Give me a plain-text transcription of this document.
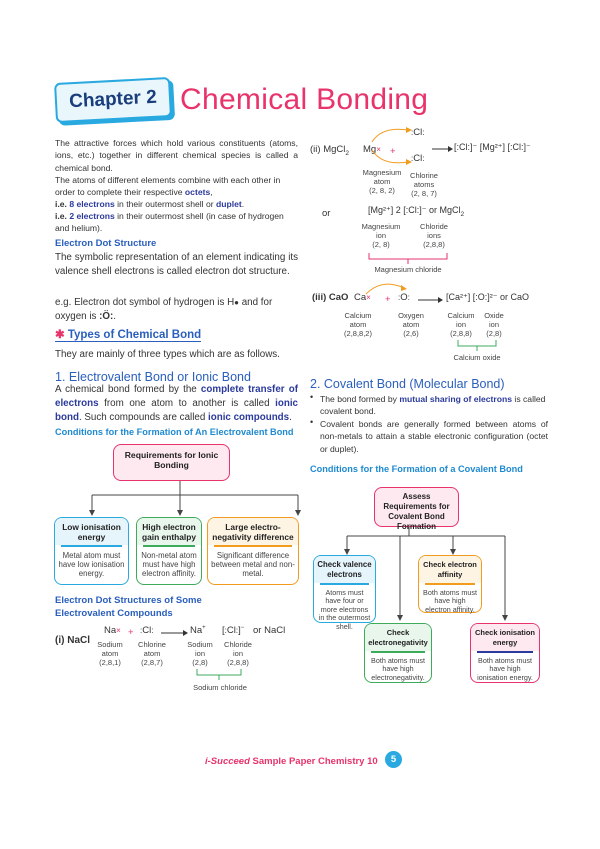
Chapter 2 Chemical Bonding
The attractive forces which hold various constituents (atoms, ions, etc.) together in different chemical species is called a chemical bond.
The atoms of different elements combine with each other in order to complete their respective octets,
i.e. 8 electrons in their outermost shell or duplet.
i.e. 2 electrons in their outermost shell (in case of hydrogen and helium).
Electron Dot Structure
The symbolic representation of an element indicating its valence shell electrons is called electron dot structure.
e.g. Electron dot symbol of hydrogen is H● and for oxygen is :Ö:.
✱ Types of Chemical Bond
They are mainly of three types which are as follows.
1. Electrovalent Bond or Ionic Bond
A chemical bond formed by the complete transfer of electrons from one atom to another is called ionic bond. Such compounds are called ionic compounds.
Conditions for the Formation of An Electrovalent Bond
Requirements for Ionic Bonding
Low ionisation energy
Metal atom must have low ionisation energy.
High electron gain enthalpy
Non-metal atom must have high electron affinity.
Large electro-negativity difference
Significant difference between metal and non-metal.
Electron Dot Structures of Some Electrovalent Compounds
(i) NaCl
Na× + :Cl:	Na+ [:Cl:]− or NaCl
Sodium
atom
(2,8,1)
Chlorine
atom
(2,8,7)
Sodium
ion
(2,8)
Chloride
ion
(2,8,8)
Sodium chloride
(ii) MgCl$_2$ Mg× +
:Cl:
:Cl:
[:Cl:]⁻ [Mg²⁺] [:Cl:]⁻
Magnesium
atom
(2, 8, 2)
Chlorine
atoms
(2, 8, 7)
or	[Mg²⁺] 2 [:Cl:]⁻ or MgCl$_2$
Magnesium
ion
(2, 8)
Chloride
ions
(2,8,8)
Magnesium chloride
(iii) CaO Ca× + :O:	[Ca²⁺] [:O:]²⁻ or CaO
Calcium
atom
(2,8,8,2)
Oxygen
atom
(2,6)
Calcium
ion
(2,8,8)
Oxide
ion
(2,8)
Calcium oxide
2. Covalent Bond (Molecular Bond)
• The bond formed by mutual sharing of electrons is called covalent bond.
• Covalent bonds are generally formed between atoms of non-metals to attain a stable electronic configuration (octet or duplet).
Conditions for the Formation of a Covalent Bond
Assess Requirements for Covalent Bond Formation
Check valence electrons
Atoms must have four or more electrons in the outermost shell.
Check electron affinity
Both atoms must have high electron affinity.
Check electronegativity
Both atoms must have high electronegativity.
Check ionisation energy
Both atoms must have high ionisation energy.
i-Succeed Sample Paper Chemistry 10	5
